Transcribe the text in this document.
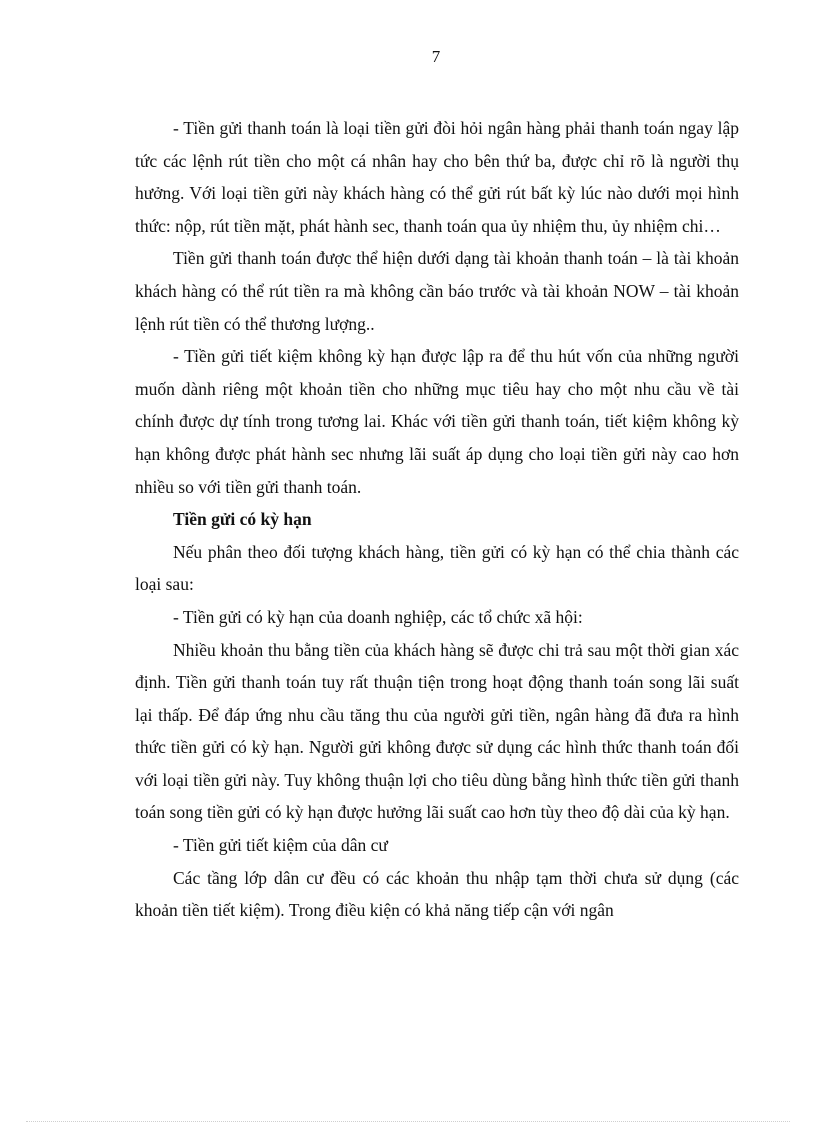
7

- Tiền gửi thanh toán là loại tiền gửi đòi hỏi ngân hàng phải thanh toán ngay lập tức các lệnh rút tiền cho một cá nhân hay cho bên thứ ba, được chỉ rõ là người thụ hưởng. Với loại tiền gửi này khách hàng có thể gửi rút bất kỳ lúc nào dưới mọi hình thức: nộp, rút tiền mặt, phát hành sec, thanh toán qua ủy nhiệm thu, ủy nhiệm chi…

Tiền gửi thanh toán được thể hiện dưới dạng tài khoản thanh toán – là tài khoản khách hàng có thể rút tiền ra mà không cần báo trước và tài khoản NOW – tài khoản lệnh rút tiền có thể thương lượng..

- Tiền gửi tiết kiệm không kỳ hạn được lập ra để thu hút vốn của những người muốn dành riêng một khoản tiền cho những mục tiêu hay cho một nhu cầu về tài chính được dự tính trong tương lai. Khác với tiền gửi thanh toán, tiết kiệm không kỳ hạn không được phát hành sec nhưng lãi suất áp dụng cho loại tiền gửi này cao hơn nhiều so với tiền gửi thanh toán.

Tiền gửi có kỳ hạn

Nếu phân theo đối tượng khách hàng, tiền gửi có kỳ hạn có thể chia thành các loại sau:

- Tiền gửi có kỳ hạn của doanh nghiệp, các tổ chức xã hội:

Nhiều khoản thu bằng tiền của khách hàng sẽ được chi trả sau một thời gian xác định. Tiền gửi thanh toán tuy rất thuận tiện trong hoạt động thanh toán song lãi suất lại thấp. Để đáp ứng nhu cầu tăng thu của người gửi tiền, ngân hàng đã đưa ra hình thức tiền gửi có kỳ hạn. Người gửi không được sử dụng các hình thức thanh toán đối với loại tiền gửi này. Tuy không thuận lợi cho tiêu dùng bằng hình thức tiền gửi thanh toán song tiền gửi có kỳ hạn được hưởng lãi suất cao hơn tùy theo độ dài của kỳ hạn.

- Tiền gửi tiết kiệm của dân cư

Các tầng lớp dân cư đều có các khoản thu nhập tạm thời chưa sử dụng (các khoản tiền tiết kiệm). Trong điều kiện có khả năng tiếp cận với ngân
